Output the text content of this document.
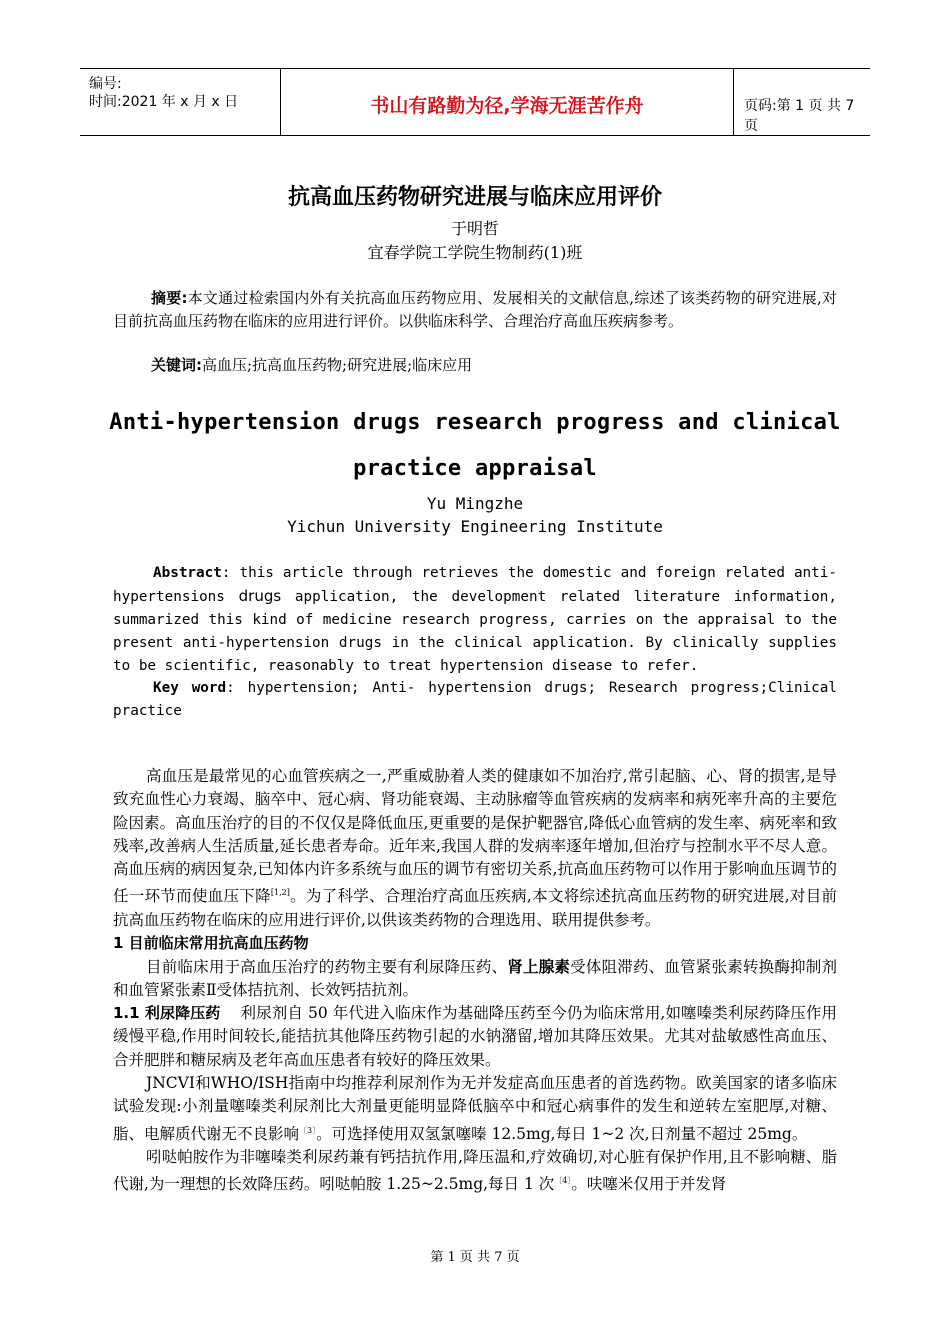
编号:
时间:2021 年 x 月 x 日	书山有路勤为径,学海无涯苦作舟	页码:第 1 页 共 7 页
抗高血压药物研究进展与临床应用评价
于明哲
宜春学院工学院生物制药(1)班
摘要:本文通过检索国内外有关抗高血压药物应用、发展相关的文献信息,综述了该类药物的研究进展,对目前抗高血压药物在临床的应用进行评价。以供临床科学、合理治疗高血压疾病参考。
关键词:高血压;抗高血压药物;研究进展;临床应用
Anti-hypertension drugs research progress and clinical
practice appraisal
Yu Mingzhe
Yichun University Engineering Institute
Abstract: this article through retrieves the domestic and foreign related anti-hypertensions drugs application, the development related literature information, summarized this kind of medicine research progress, carries on the appraisal to the present anti-hypertension drugs in the clinical application. By clinically supplies to be scientific, reasonably to treat hypertension disease to refer.
Key word: hypertension; Anti- hypertension drugs; Research progress;Clinical practice
高血压是最常见的心血管疾病之一,严重威胁着人类的健康如不加治疗,常引起脑、心、肾的损害,是导致充血性心力衰竭、脑卒中、冠心病、肾功能衰竭、主动脉瘤等血管疾病的发病率和病死率升高的主要危险因素。高血压治疗的目的不仅仅是降低血压,更重要的是保护靶器官,降低心血管病的发生率、病死率和致残率,改善病人生活质量,延长患者寿命。近年来,我国人群的发病率逐年增加,但治疗与控制水平不尽人意。高血压病的病因复杂,已知体内许多系统与血压的调节有密切关系,抗高血压药物可以作用于影响血压调节的任一环节而使血压下降[1,2]。为了科学、合理治疗高血压疾病,本文将综述抗高血压药物的研究进展,对目前抗高血压药物在临床的应用进行评价,以供该类药物的合理选用、联用提供参考。
1 目前临床常用抗高血压药物
目前临床用于高血压治疗的药物主要有利尿降压药、肾上腺素受体阻滞药、血管紧张素转换酶抑制剂和血管紧张素Ⅱ受体拮抗剂、长效钙拮抗剂。
1.1 利尿降压药 利尿剂自 50 年代进入临床作为基础降压药至今仍为临床常用,如噻嗪类利尿药降压作用缓慢平稳,作用时间较长,能拮抗其他降压药物引起的水钠潴留,增加其降压效果。尤其对盐敏感性高血压、合并肥胖和糖尿病及老年高血压患者有较好的降压效果。
JNCVI和WHO/ISH指南中均推荐利尿剂作为无并发症高血压患者的首选药物。欧美国家的诸多临床试验发现:小剂量噻嗪类利尿剂比大剂量更能明显降低脑卒中和冠心病事件的发生和逆转左室肥厚,对糖、脂、电解质代谢无不良影响$^{〔3〕}$。可选择使用双氢氯噻嗪 12.5mg,每日 1~2 次,日剂量不超过 25mg。
吲哒帕胺作为非噻嗪类利尿药兼有钙拮抗作用,降压温和,疗效确切,对心脏有保护作用,且不影响糖、脂代谢,为一理想的长效降压药。吲哒帕胺 1.25~2.5mg,每日 1 次$^{〔4〕}$。呋噻米仅用于并发肾
第 1 页 共 7 页
